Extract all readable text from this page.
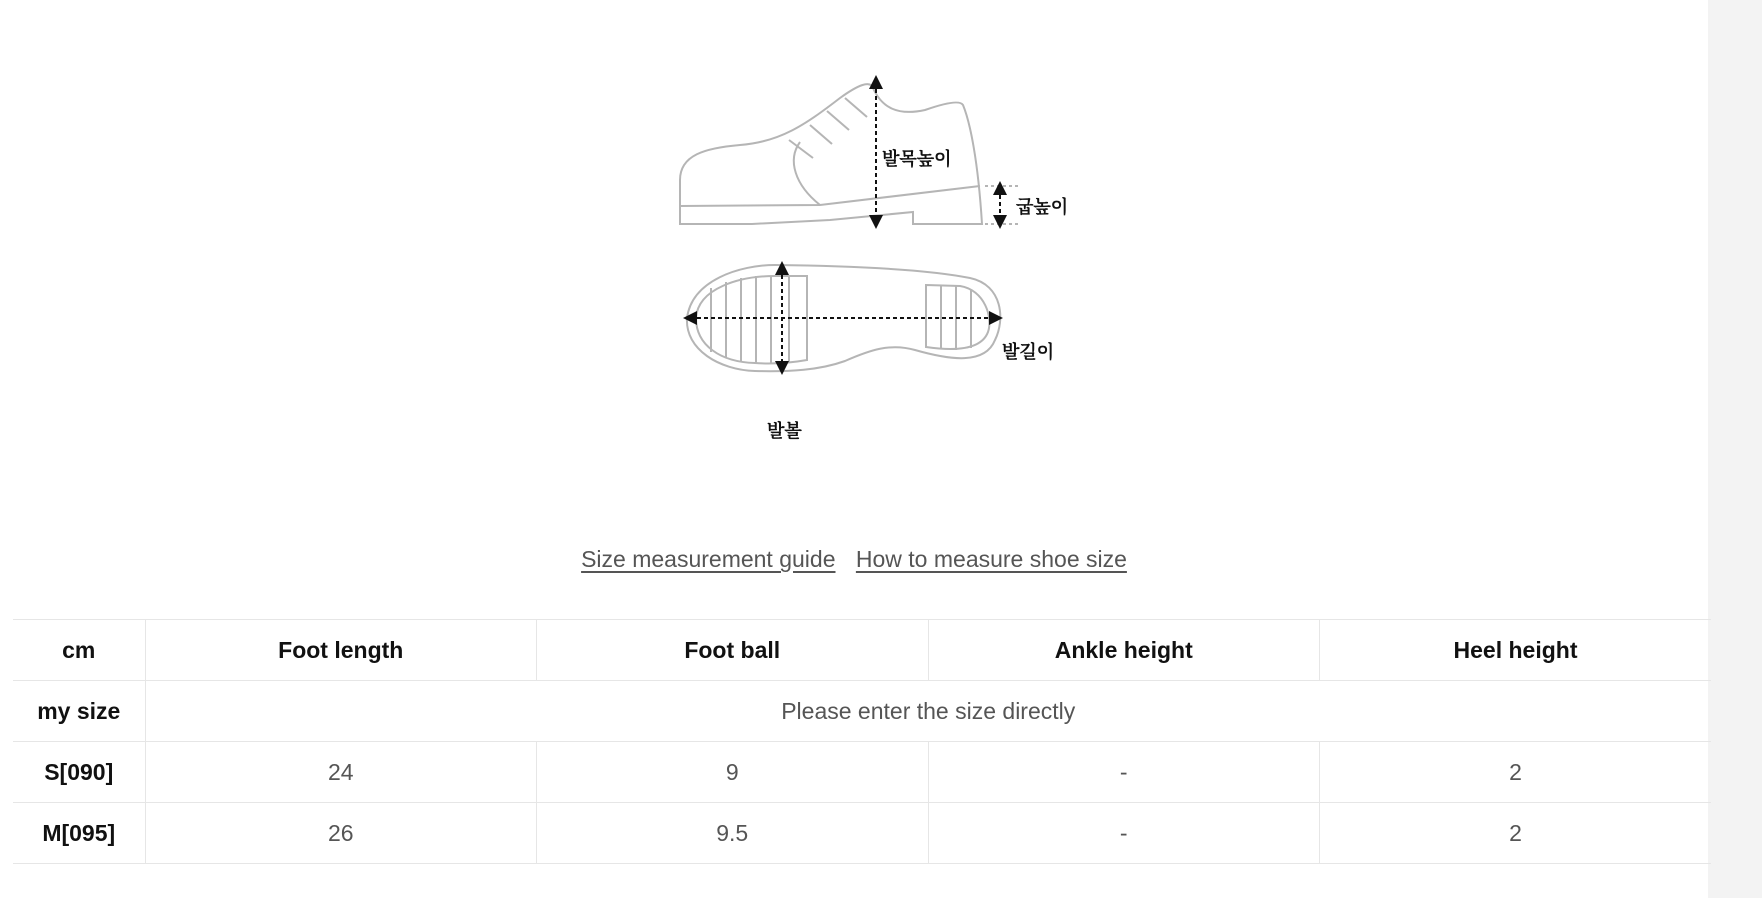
발목높이
굽높이
발길이
발볼
Size measurement guide How to measure shoe size
cm	Foot length	Foot ball	Ankle height	Heel height
my size	Please enter the size directly			
S[090]	24	9	-	2
M[095]	26	9.5	-	2
